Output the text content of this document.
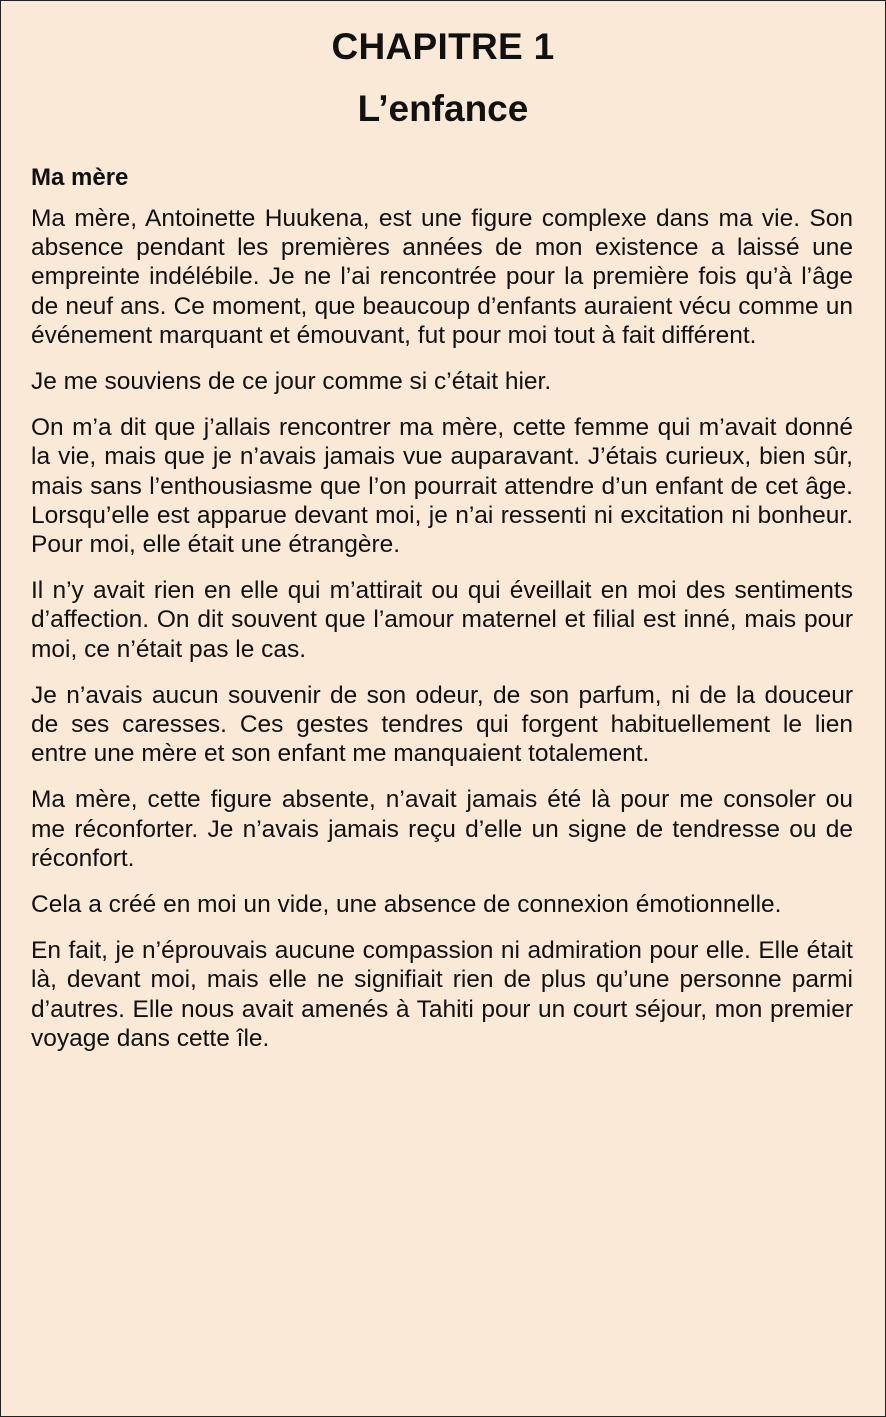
CHAPITRE 1
L’enfance
Ma mère

Ma mère, Antoinette Huukena, est une figure complexe dans ma vie. Son absence pendant les premières années de mon existence a laissé une empreinte indélébile. Je ne l’ai rencontrée pour la première fois qu’à l’âge de neuf ans. Ce moment, que beaucoup d’enfants auraient vécu comme un événement marquant et émouvant, fut pour moi tout à fait différent.

Je me souviens de ce jour comme si c’était hier.

On m’a dit que j’allais rencontrer ma mère, cette femme qui m’avait donné la vie, mais que je n’avais jamais vue auparavant. J’étais curieux, bien sûr, mais sans l’enthousiasme que l’on pourrait attendre d’un enfant de cet âge. Lorsqu’elle est apparue devant moi, je n’ai ressenti ni excitation ni bonheur. Pour moi, elle était une étrangère.

Il n’y avait rien en elle qui m’attirait ou qui éveillait en moi des sentiments d’affection. On dit souvent que l’amour maternel et filial est inné, mais pour moi, ce n’était pas le cas.

Je n’avais aucun souvenir de son odeur, de son parfum, ni de la douceur de ses caresses. Ces gestes tendres qui forgent habituellement le lien entre une mère et son enfant me manquaient totalement.

Ma mère, cette figure absente, n’avait jamais été là pour me consoler ou me réconforter. Je n’avais jamais reçu d’elle un signe de tendresse ou de réconfort.

Cela a créé en moi un vide, une absence de connexion émotionnelle.

En fait, je n’éprouvais aucune compassion ni admiration pour elle. Elle était là, devant moi, mais elle ne signifiait rien de plus qu’une personne parmi d’autres. Elle nous avait amenés à Tahiti pour un court séjour, mon premier voyage dans cette île.
